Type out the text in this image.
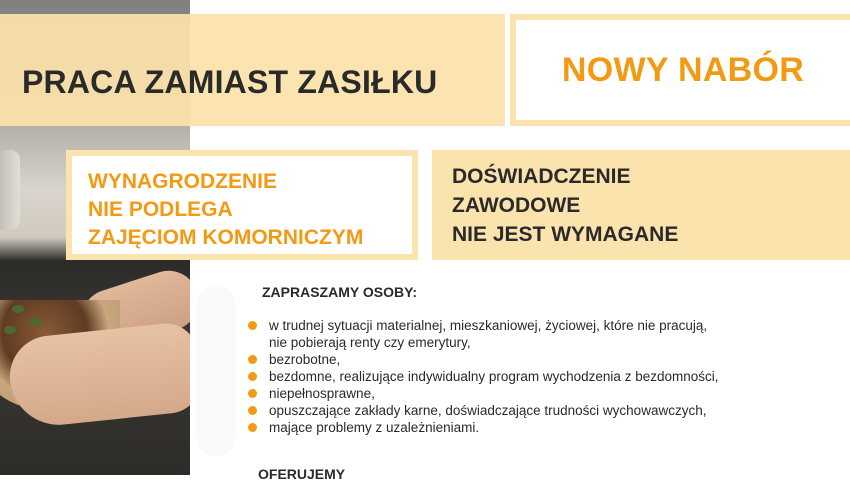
PRACA ZAMIAST ZASIŁKU	NOWY NABÓR
WYNAGRODZENIE
NIE PODLEGA
ZAJĘCIOM KOMORNICZYM
DOŚWIADCZENIE
ZAWODOWE
NIE JEST WYMAGANE
ZAPRASZAMY OSOBY:
w trudnej sytuacji materialnej, mieszkaniowej, życiowej, które nie pracują,
nie pobierają renty czy emerytury,
bezrobotne,
bezdomne, realizujące indywidualny program wychodzenia z bezdomności,
niepełnosprawne,
opuszczające zakłady karne, doświadczające trudności wychowawczych,
mające problemy z uzależnieniami.
OFERUJEMY
